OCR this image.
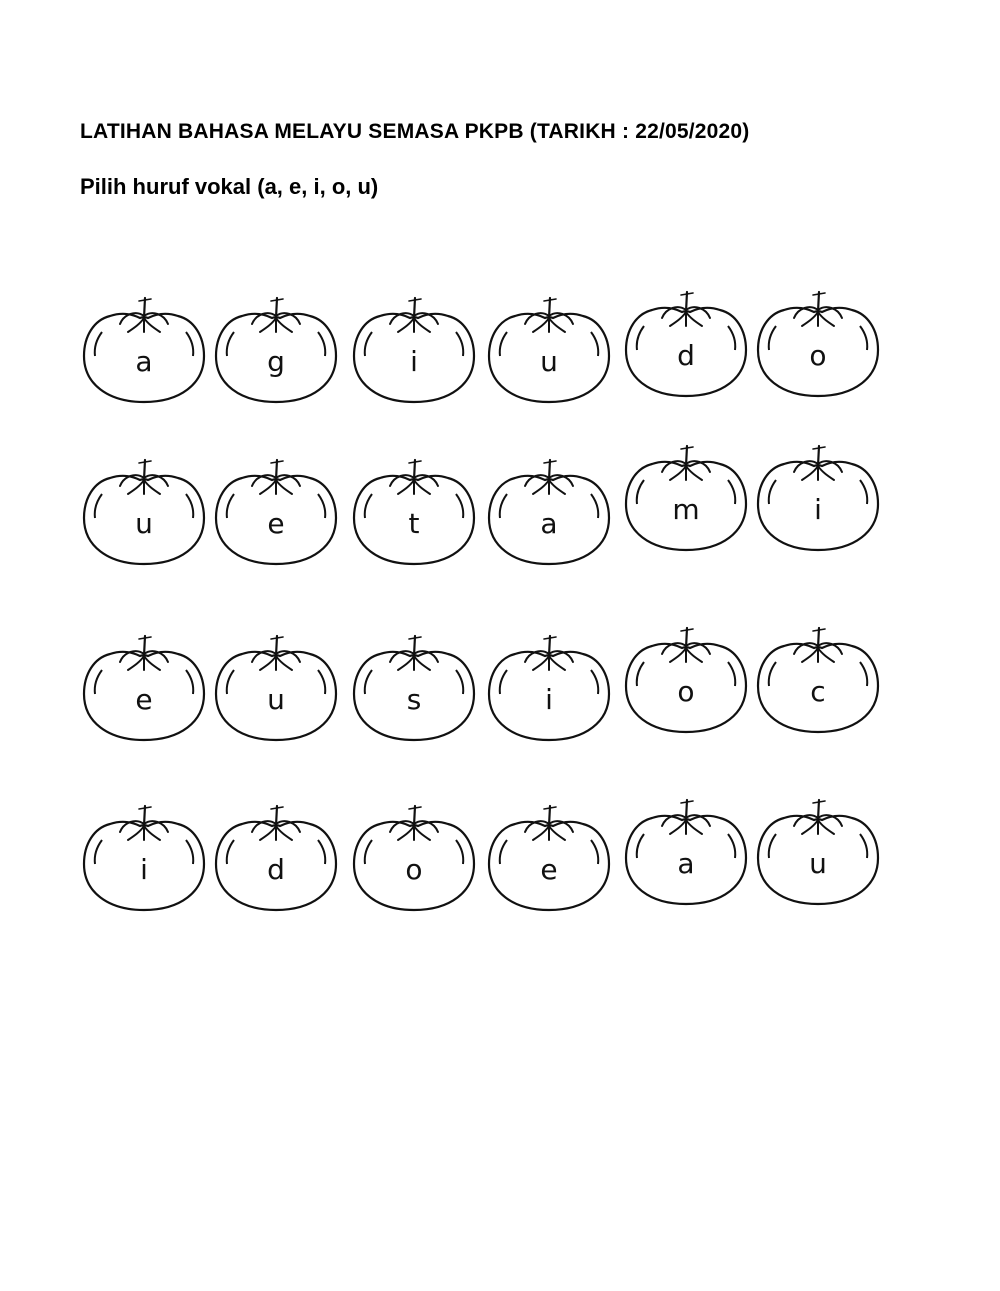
LATIHAN BAHASA MELAYU SEMASA PKPB (TARIKH : 22/05/2020)
Pilih huruf vokal (a, e, i, o, u)
a	g	i	u	d	o
u	e	t	a	m	i
e	u	s	i	o	c
i	d	o	e	a	u
